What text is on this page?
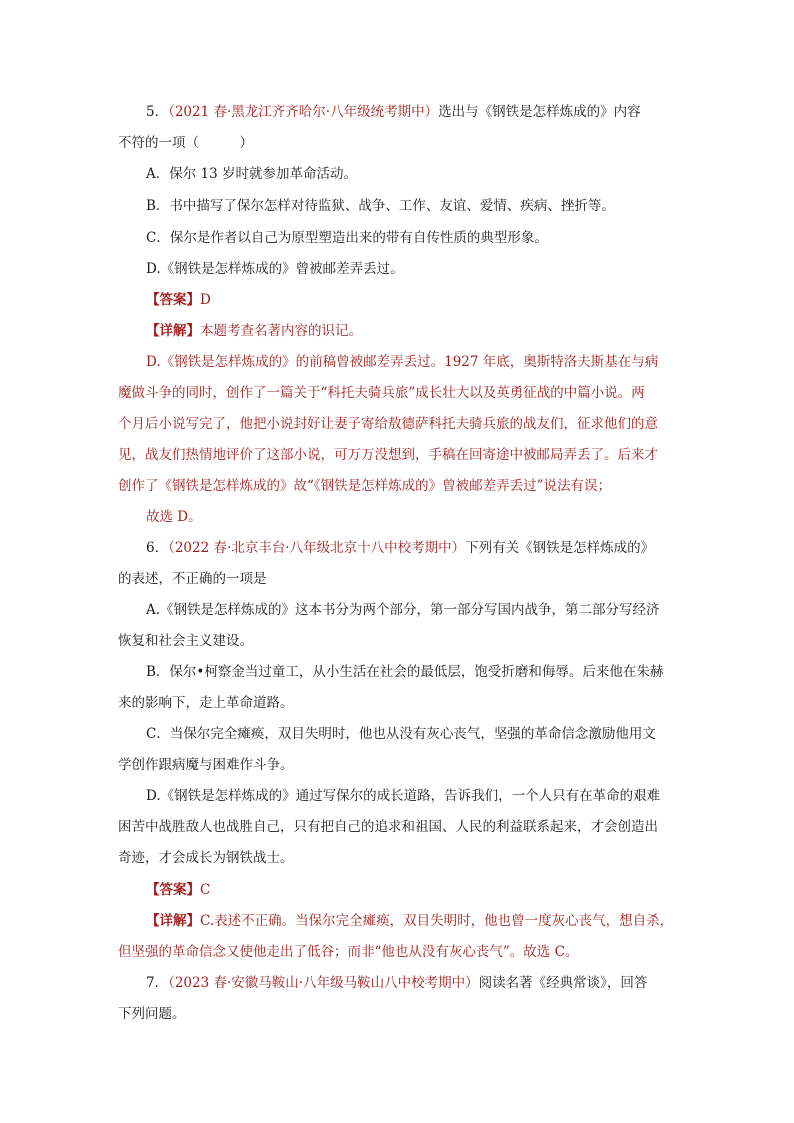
5．（2021 春·黑龙江齐齐哈尔·八年级统考期中）选出与《钢铁是怎样炼成的》内容
不符的一项（　　　）
A．保尔 13 岁时就参加革命活动。
B．书中描写了保尔怎样对待监狱、战争、工作、友谊、爱情、疾病、挫折等。
C．保尔是作者以自己为原型塑造出来的带有自传性质的典型形象。
D.《钢铁是怎样炼成的》曾被邮差弄丢过。
【答案】D
【详解】本题考查名著内容的识记。
D.《钢铁是怎样炼成的》的前稿曾被邮差弄丢过。1927 年底，奥斯特洛夫斯基在与病
魔做斗争的同时，创作了一篇关于“科托夫骑兵旅”成长壮大以及英勇征战的中篇小说。两
个月后小说写完了，他把小说封好让妻子寄给敖德萨科托夫骑兵旅的战友们，征求他们的意
见，战友们热情地评价了这部小说，可万万没想到，手稿在回寄途中被邮局弄丢了。后来才
创作了《钢铁是怎样炼成的》故“《钢铁是怎样炼成的》曾被邮差弄丢过”说法有误；
故选 D。
6．（2022 春·北京丰台·八年级北京十八中校考期中）下列有关《钢铁是怎样炼成的》
的表述，不正确的一项是
A.《钢铁是怎样炼成的》这本书分为两个部分，第一部分写国内战争，第二部分写经济
恢复和社会主义建设。
B．保尔•柯察金当过童工，从小生活在社会的最低层，饱受折磨和侮辱。后来他在朱赫
来的影响下，走上革命道路。
C．当保尔完全瘫痪，双目失明时，他也从没有灰心丧气，坚强的革命信念激励他用文
学创作跟病魔与困难作斗争。
D.《钢铁是怎样炼成的》通过写保尔的成长道路，告诉我们，一个人只有在革命的艰难
困苦中战胜敌人也战胜自己，只有把自己的追求和祖国、人民的利益联系起来，才会创造出
奇迹，才会成长为钢铁战士。
【答案】C
【详解】C.表述不正确。当保尔完全瘫痪，双目失明时，他也曾一度灰心丧气，想自杀，
但坚强的革命信念又使他走出了低谷；而非“他也从没有灰心丧气”。故选 C。
7．（2023 春·安徽马鞍山·八年级马鞍山八中校考期中）阅读名著《经典常谈》，回答
下列问题。
